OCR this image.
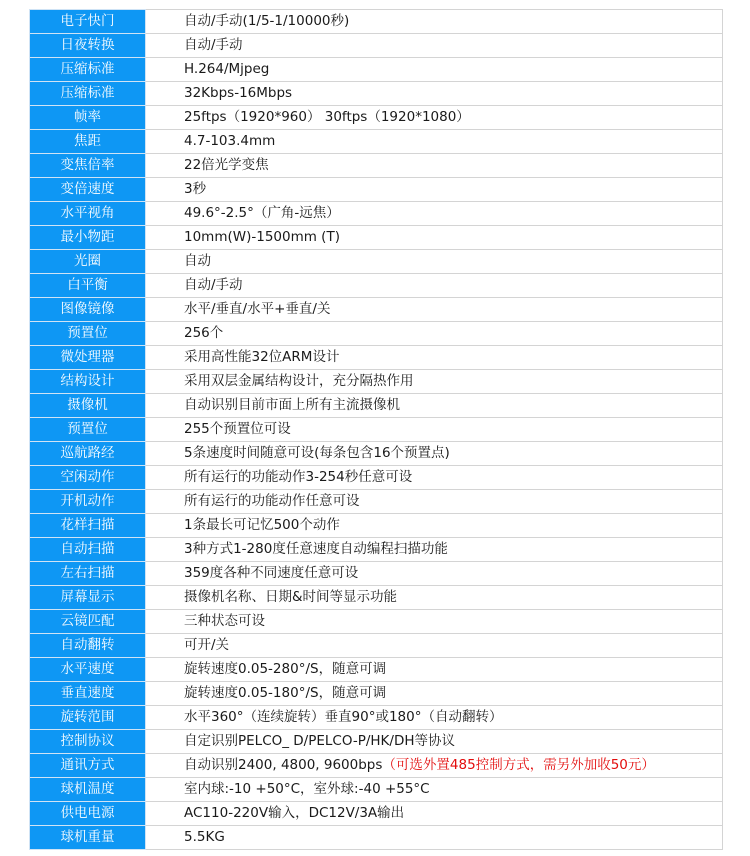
电子快门	自动/手动(1/5-1/10000秒)
日夜转换	自动/手动
压缩标准	H.264/Mjpeg
压缩标准	32Kbps-16Mbps
帧率	25ftps（1920*960） 30ftps（1920*1080）
焦距	4.7-103.4mm
变焦倍率	22倍光学变焦
变倍速度	3秒
水平视角	49.6°-2.5°（广角-远焦）
最小物距	10mm(W)-1500mm (T)
光圈	自动
白平衡	自动/手动
图像镜像	水平/垂直/水平+垂直/关
预置位	256个
微处理器	采用高性能32位ARM设计
结构设计	采用双层金属结构设计，充分隔热作用
摄像机	自动识别目前市面上所有主流摄像机
预置位	255个预置位可设
巡航路经	5条速度时间随意可设(每条包含16个预置点)
空闲动作	所有运行的功能动作3-254秒任意可设
开机动作	所有运行的功能动作任意可设
花样扫描	1条最长可记忆500个动作
自动扫描	3种方式1-280度任意速度自动编程扫描功能
左右扫描	359度各种不同速度任意可设
屏幕显示	摄像机名称、日期&时间等显示功能
云镜匹配	三种状态可设
自动翻转	可开/关
水平速度	旋转速度0.05-280°/S，随意可调
垂直速度	旋转速度0.05-180°/S，随意可调
旋转范围	水平360°（连续旋转）垂直90°或180°（自动翻转）
控制协议	自定识别PELCO_ D/PELCO-P/HK/DH等协议
通讯方式	自动识别2400, 4800, 9600bps（可选外置485控制方式，需另外加收50元）
球机温度	室内球:-10 +50°C，室外球:-40 +55°C
供电电源	AC110-220V输入，DC12V/3A输出
球机重量	5.5KG
